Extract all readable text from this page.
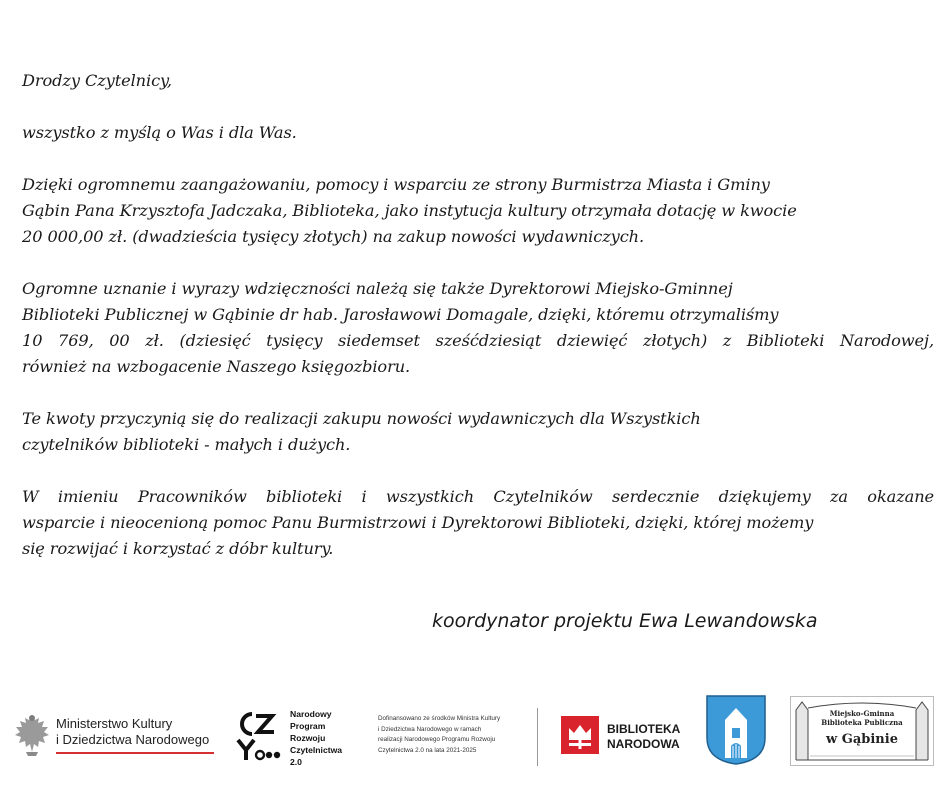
Drodzy Czytelnicy,

wszystko z myślą o Was i dla Was.

Dzięki ogromnemu zaangażowaniu, pomocy i wsparciu ze strony Burmistrza Miasta i Gminy
Gąbin Pana Krzysztofa Jadczaka, Biblioteka, jako instytucja kultury otrzymała dotację w kwocie
20 000,00 zł. (dwadzieścia tysięcy złotych) na zakup nowości wydawniczych.

Ogromne uznanie i wyrazy wdzięczności należą się także Dyrektorowi Miejsko-Gminnej
Biblioteki Publicznej w Gąbinie dr hab. Jarosławowi Domagale, dzięki, któremu otrzymaliśmy
10 769, 00 zł. (dziesięć tysięcy siedemset sześćdziesiąt dziewięć złotych) z Biblioteki Narodowej,
również na wzbogacenie Naszego księgozbioru.

Te kwoty przyczynią się do realizacji zakupu nowości wydawniczych dla Wszystkich
czytelników biblioteki - małych i dużych.

W imieniu Pracowników biblioteki i wszystkich Czytelników serdecznie dziękujemy za okazane
wsparcie i nieocenioną pomoc Panu Burmistrzowi i Dyrektorowi Biblioteki, dzięki, której możemy
się rozwijać i korzystać z dóbr kultury.

koordynator projektu Ewa Lewandowska
Ministerstwo Kultury
i Dziedzictwa Narodowego
Narodowy
Program
Rozwoju
Czytelnictwa
2.0
Dofinansowano ze środków Ministra Kultury
i Dziedzictwa Narodowego w ramach
realizacji Narodowego Programu Rozwoju
Czytelnictwa 2.0 na lata 2021-2025
BIBLIOTEKA
NARODOWA
Miejsko-Gminna
Biblioteka Publiczna
w Gąbinie
